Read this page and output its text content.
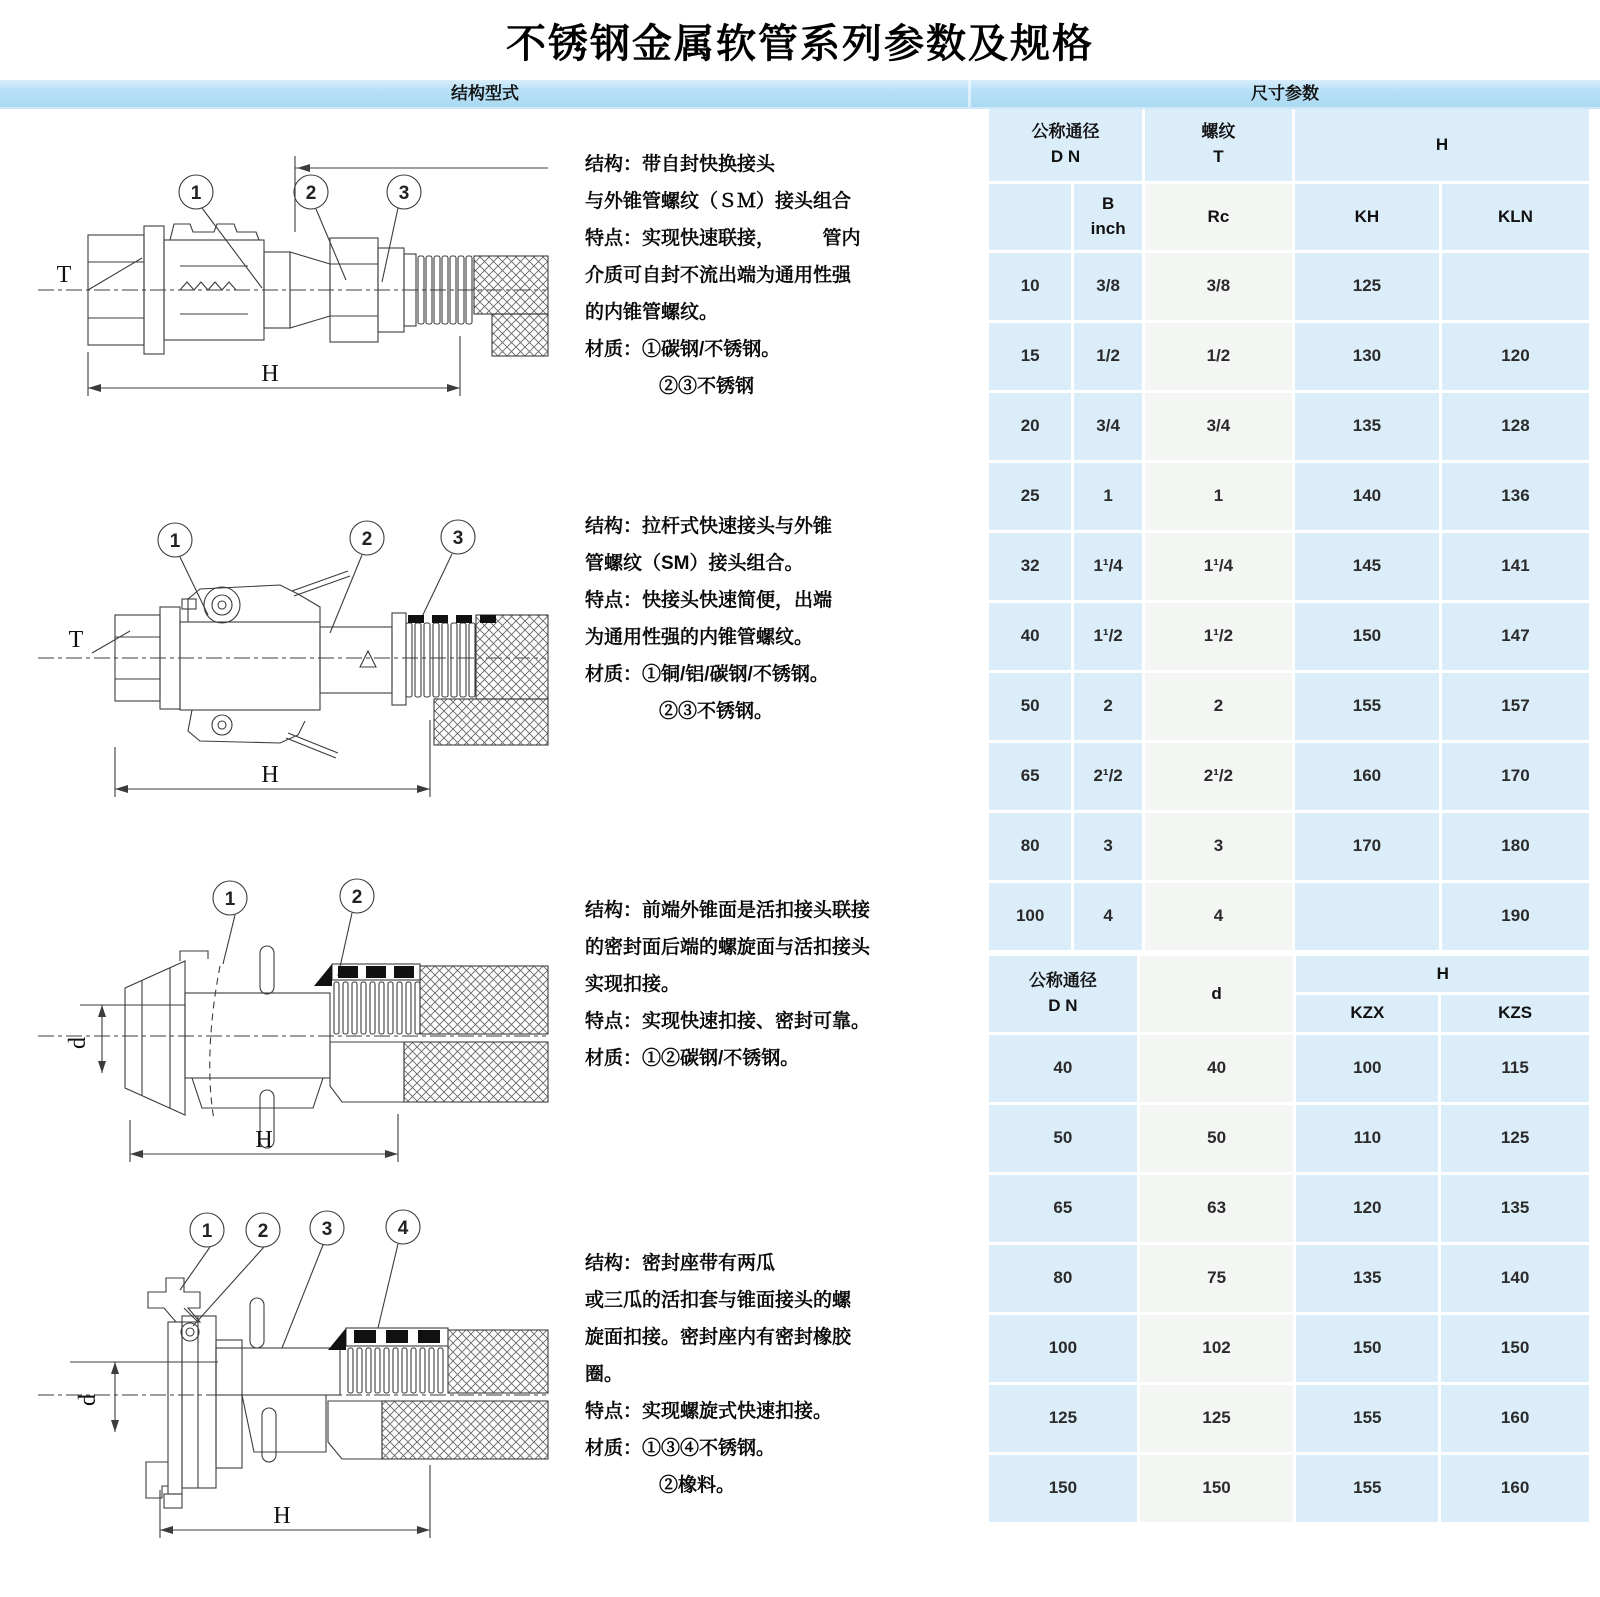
不锈钢金属软管系列参数及规格
结构型式	尺寸参数
1	2	3
T
H
1	2	3
T
H
1	2
d
H
1 2	3	4
d
H
结构：带自封快换接头
与外锥管螺纹（ＳＭ）接头组合
特点：实现快速联接，　　　管内
介质可自封不流出端为通用性强
的内锥管螺纹。
材质：①碳钢/不锈钢。
②③不锈钢
结构：拉杆式快速接头与外锥
管螺纹（SM）接头组合。
特点：快接头快速简便，出端
为通用性强的内锥管螺纹。
材质：①铜/铝/碳钢/不锈钢。
②③不锈钢。
结构：前端外锥面是活扣接头联接
的密封面后端的螺旋面与活扣接头
实现扣接。
特点：实现快速扣接、密封可靠。
材质：①②碳钢/不锈钢。
结构：密封座带有两瓜
或三瓜的活扣套与锥面接头的螺
旋面扣接。密封座内有密封橡胶
圈。
特点：实现螺旋式快速扣接。
材质：①③④不锈钢。
②橡料。
公称通径
D N

螺纹
T
	H

	B
inch	Rc	KH	KLN
10	3/8	3/8	125	
15	1/2	1/2	130	120
20	3/4	3/4	135	128
25	1	1	140	136
32	1¹/4	1¹/4	145	141
40	1¹/2	1¹/2	150	147
50	2	2	155	157
65	2¹/2	2¹/2	160	170
80	3	3	170	180
100	4	4		190
公称通径
D N	d	H	
		KZX	KZS
40	40	100	115
50	50	110	125
65	63	120	135
80	75	135	140
100	102	150	150
125	125	155	160
150	150	155	160
